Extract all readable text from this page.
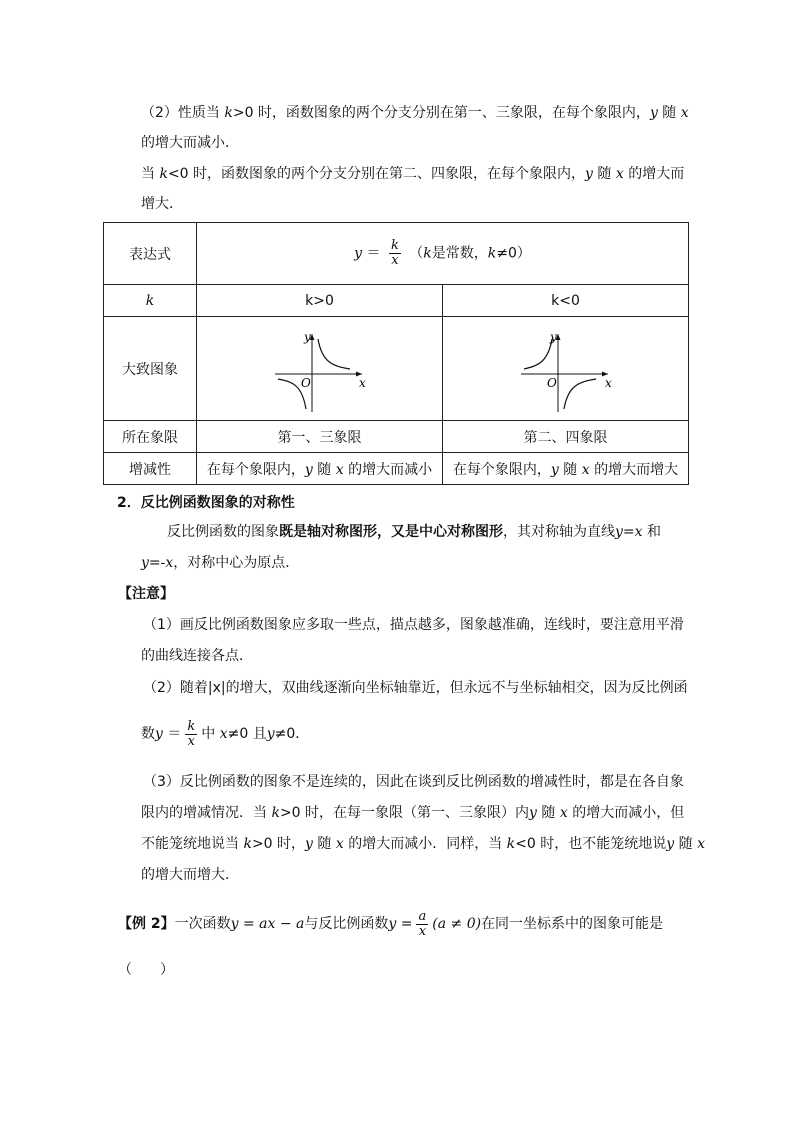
（2）性质当 k>0 时，函数图象的两个分支分别在第一、三象限，在每个象限内，y 随 x
的增大而减小．
当 k<0 时，函数图象的两个分支分别在第二、四象限，在每个象限内，y 随 x 的增大而
增大．
表达式	$y = \frac{k}{x} (k$是常数，k≠0）	
k	k>0	k<0
大致图象	y
x
O	y
x
O

所在象限	第一、三象限	第二、四象限
增减性	在每个象限内，y 随 x 的增大而减小	在每个象限内，y 随 x 的增大而增大
2．反比例函数图象的对称性
反比例函数的图象既是轴对称图形，又是中心对称图形，其对称轴为直线y=x 和
y=-x，对称中心为原点．
【注意】
（1）画反比例函数图象应多取一些点，描点越多，图象越准确，连线时，要注意用平滑
的曲线连接各点．
（2）随着|x|的增大，双曲线逐渐向坐标轴靠近，但永远不与坐标轴相交，因为反比例函
数$y = \frac{k}{x}$ 中 x≠0 且y≠0．
（3）反比例函数的图象不是连续的，因此在谈到反比例函数的增减性时，都是在各自象
限内的增减情况．当 k>0 时，在每一象限（第一、三象限）内y 随 x 的增大而减小，但
不能笼统地说当 k>0 时，y 随 x 的增大而减小．同样，当 k<0 时，也不能笼统地说y 随 x
的增大而增大．
【例 2】一次函数y = ax − a与反比例函数$y = \frac{a}{x} (a \ne 0)$在同一坐标系中的图象可能是
（　　）
